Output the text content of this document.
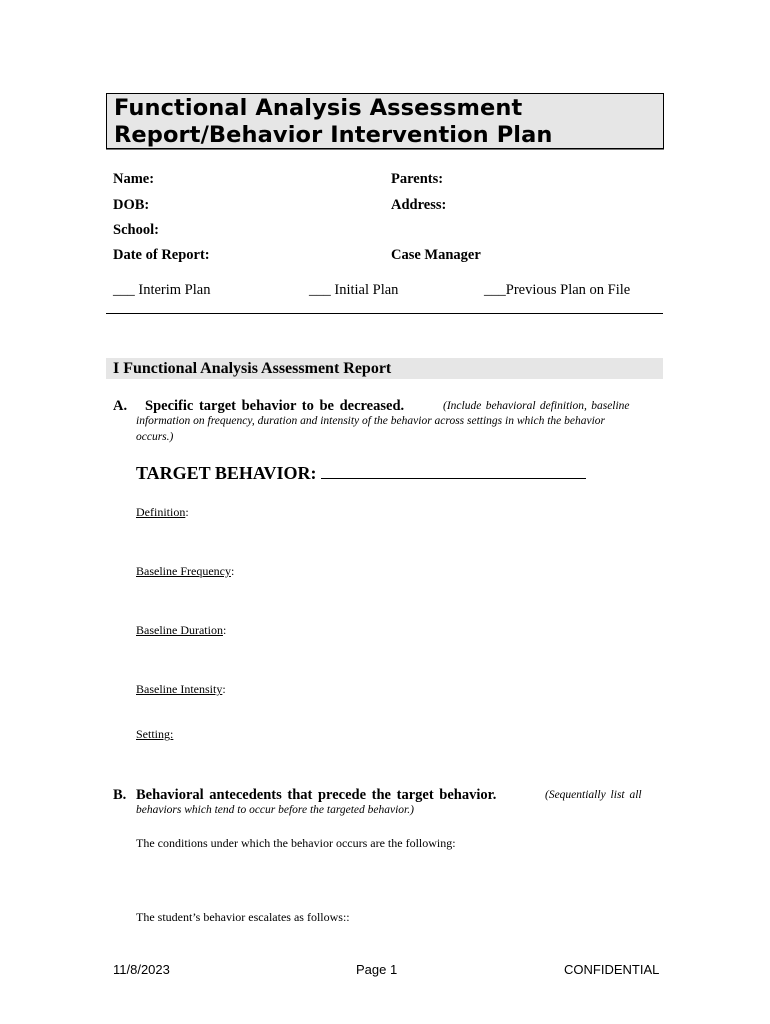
Functional Analysis Assessment
Report/Behavior Intervention Plan
Name:	Parents:
DOB:	Address:
School:
Date of Report:	Case Manager
___ Interim Plan	___ Initial Plan	___Previous Plan on File
I Functional Analysis Assessment Report
A. Specific target behavior to be decreased.	(Include behavioral definition, baseline
information on frequency, duration and intensity of the behavior across settings in which the behavior
occurs.)
TARGET BEHAVIOR:
Definition:
Baseline Frequency:
Baseline Duration:
Baseline Intensity:
Setting:
B. Behavioral antecedents that precede the target behavior.	(Sequentially list all
behaviors which tend to occur before the targeted behavior.)
The conditions under which the behavior occurs are the following:
The student’s behavior escalates as follows::
11/8/2023	Page 1	CONFIDENTIAL
